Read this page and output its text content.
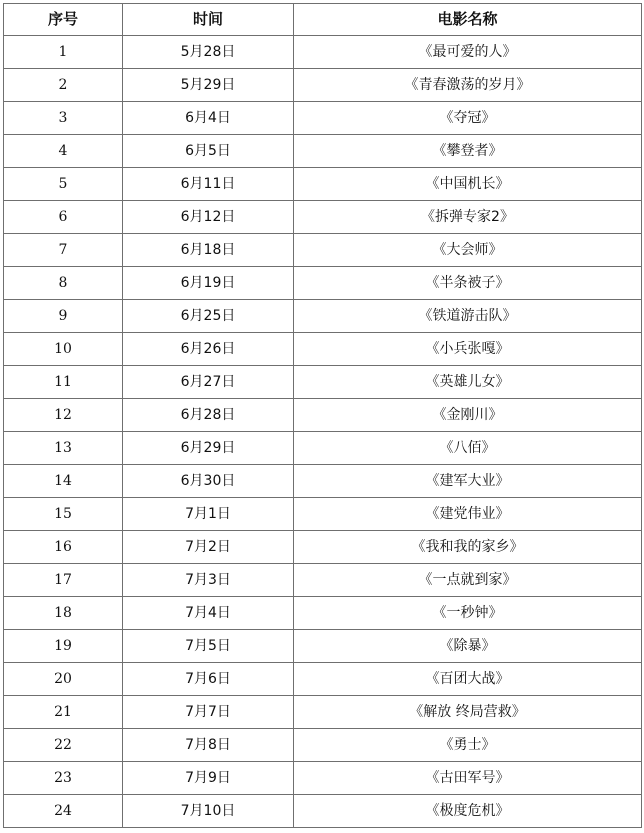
序号	时间	电影名称
1	5月28日	《最可爱的人》
2	5月29日	《青春激荡的岁月》
3	6月4日	《夺冠》
4	6月5日	《攀登者》
5	6月11日	《中国机长》
6	6月12日	《拆弹专家2》
7	6月18日	《大会师》
8	6月19日	《半条被子》
9	6月25日	《铁道游击队》
10	6月26日	《小兵张嘎》
11	6月27日	《英雄儿女》
12	6月28日	《金刚川》
13	6月29日	《八佰》
14	6月30日	《建军大业》
15	7月1日	《建党伟业》
16	7月2日	《我和我的家乡》
17	7月3日	《一点就到家》
18	7月4日	《一秒钟》
19	7月5日	《除暴》
20	7月6日	《百团大战》
21	7月7日	《解放 终局营救》
22	7月8日	《勇士》
23	7月9日	《古田军号》
24	7月10日	《极度危机》
